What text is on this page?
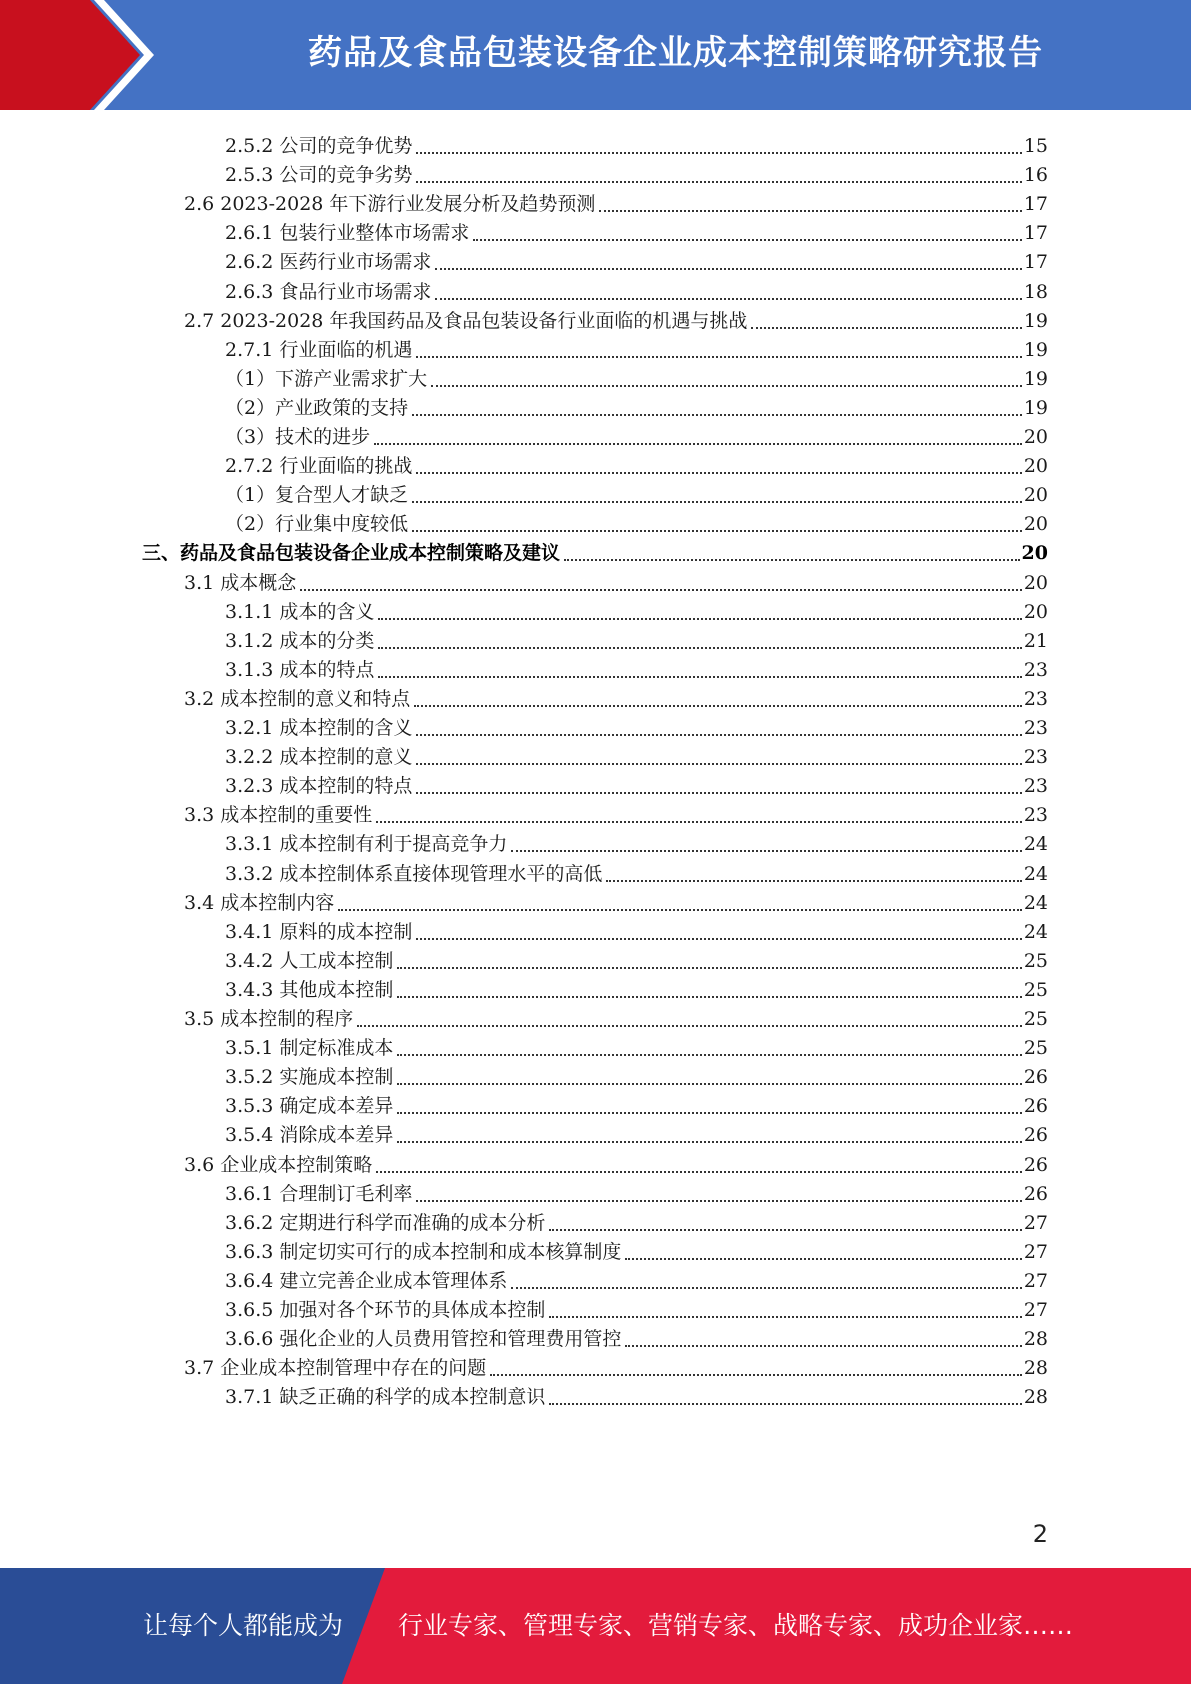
药品及食品包装设备企业成本控制策略研究报告
2.5.2 公司的竞争优势	15
2.5.3 公司的竞争劣势	16
2.6 2023-2028 年下游行业发展分析及趋势预测	17
2.6.1 包装行业整体市场需求	17
2.6.2 医药行业市场需求	17
2.6.3 食品行业市场需求	18
2.7 2023-2028 年我国药品及食品包装设备行业面临的机遇与挑战	19
2.7.1 行业面临的机遇	19
（1）下游产业需求扩大	19
（2）产业政策的支持	19
（3）技术的进步	20
2.7.2 行业面临的挑战	20
（1）复合型人才缺乏	20
（2）行业集中度较低	20
三、药品及食品包装设备企业成本控制策略及建议	20
3.1 成本概念	20
3.1.1 成本的含义	20
3.1.2 成本的分类	21
3.1.3 成本的特点	23
3.2 成本控制的意义和特点	23
3.2.1 成本控制的含义	23
3.2.2 成本控制的意义	23
3.2.3 成本控制的特点	23
3.3 成本控制的重要性	23
3.3.1 成本控制有利于提高竞争力	24
3.3.2 成本控制体系直接体现管理水平的高低	24
3.4 成本控制内容	24
3.4.1 原料的成本控制	24
3.4.2 人工成本控制	25
3.4.3 其他成本控制	25
3.5 成本控制的程序	25
3.5.1 制定标准成本	25
3.5.2 实施成本控制	26
3.5.3 确定成本差异	26
3.5.4 消除成本差异	26
3.6 企业成本控制策略	26
3.6.1 合理制订毛利率	26
3.6.2 定期进行科学而准确的成本分析	27
3.6.3 制定切实可行的成本控制和成本核算制度	27
3.6.4 建立完善企业成本管理体系	27
3.6.5 加强对各个环节的具体成本控制	27
3.6.6 强化企业的人员费用管控和管理费用管控	28
3.7 企业成本控制管理中存在的问题	28
3.7.1 缺乏正确的科学的成本控制意识	28
2
让每个人都能成为 行业专家、管理专家、营销专家、战略专家、成功企业家……
